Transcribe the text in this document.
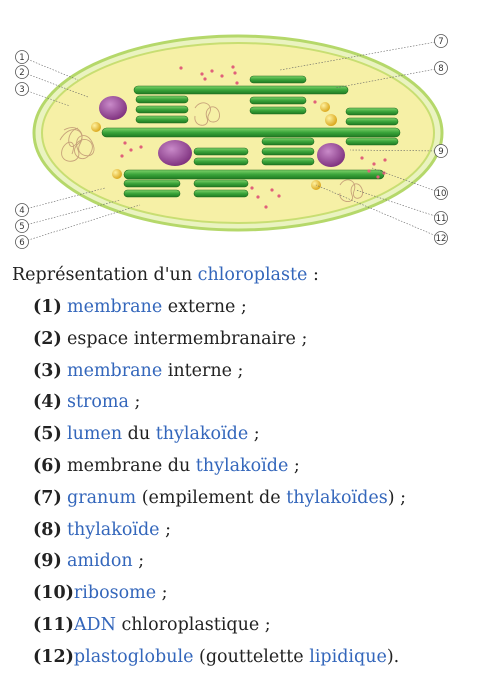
1
2
3
4
5
6
7
8
9
10
11
12
Représentation d'un chloroplaste :
(1) membrane externe ;
(2) espace intermembranaire ;
(3) membrane interne ;
(4) stroma ;
(5) lumen du thylakoïde ;
(6) membrane du thylakoïde ;
(7) granum (empilement de thylakoïdes) ;
(8) thylakoïde ;
(9) amidon ;
(10)ribosome ;
(11)ADN chloroplastique ;
(12)plastoglobule (gouttelette lipidique).
